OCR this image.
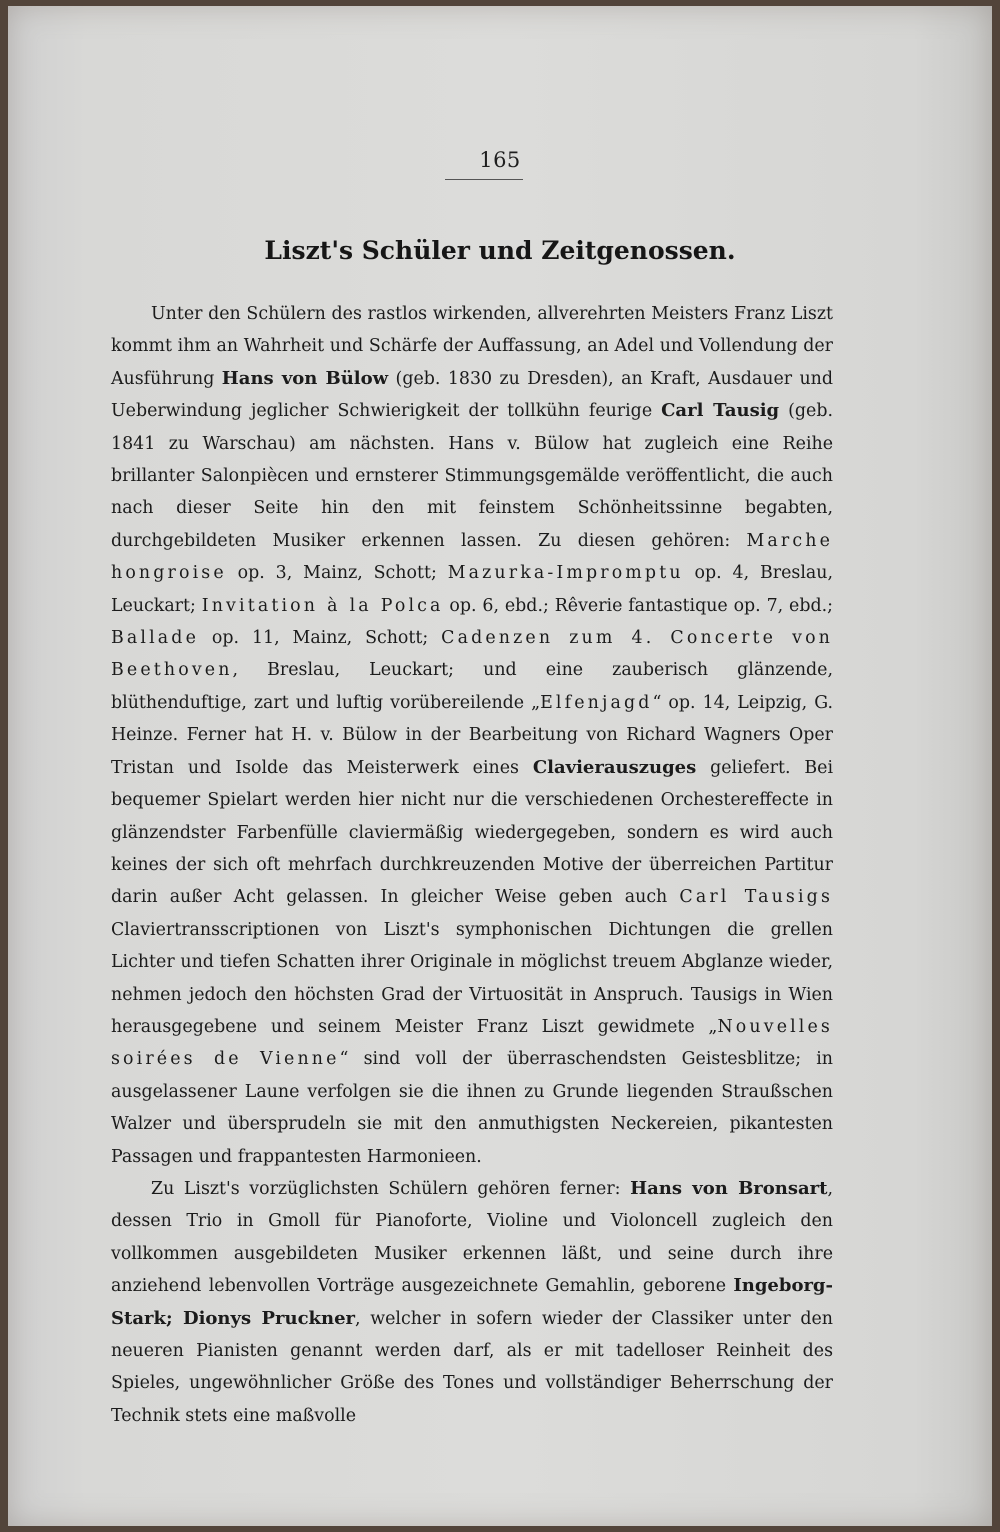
165

Liszt's Schüler und Zeitgenossen.

Unter den Schülern des rastlos wirkenden, allverehrten Meisters Franz Liszt kommt ihm an Wahrheit und Schärfe der Auffassung, an Adel und Vollendung der Ausführung Hans von Bülow (geb. 1830 zu Dresden), an Kraft, Ausdauer und Ueberwindung jeglicher Schwierigkeit der tollkühn feurige Carl Tausig (geb. 1841 zu Warschau) am nächsten. Hans v. Bülow hat zugleich eine Reihe brillanter Salonpiècen und ernsterer Stimmungsgemälde veröffentlicht, die auch nach dieser Seite hin den mit feinstem Schönheitssinne begabten, durchgebildeten Musiker erkennen lassen. Zu diesen gehören: Marche hongroise op. 3, Mainz, Schott; Mazurka-Impromptu op. 4, Breslau, Leuckart; Invitation à la Polca op. 6, ebd.; Rêverie fantastique op. 7, ebd.; Ballade op. 11, Mainz, Schott; Cadenzen zum 4. Concerte von Beethoven, Breslau, Leuckart; und eine zauberisch glänzende, blüthenduftige, zart und luftig vorübereilende „Elfenjagd“ op. 14, Leipzig, G. Heinze. Ferner hat H. v. Bülow in der Bearbeitung von Richard Wagners Oper Tristan und Isolde das Meisterwerk eines Clavierauszuges geliefert. Bei bequemer Spielart werden hier nicht nur die verschiedenen Orchestereffecte in glänzendster Farbenfülle claviermäßig wiedergegeben, sondern es wird auch keines der sich oft mehrfach durchkreuzenden Motive der überreichen Partitur darin außer Acht gelassen. In gleicher Weise geben auch Carl Tausigs Claviertransscriptionen von Liszt's symphonischen Dichtungen die grellen Lichter und tiefen Schatten ihrer Originale in möglichst treuem Abglanze wieder, nehmen jedoch den höchsten Grad der Virtuosität in Anspruch. Tausigs in Wien herausgegebene und seinem Meister Franz Liszt gewidmete „Nouvelles soirées de Vienne“ sind voll der überraschendsten Geistesblitze; in ausgelassener Laune verfolgen sie die ihnen zu Grunde liegenden Straußschen Walzer und übersprudeln sie mit den anmuthigsten Neckereien, pikantesten Passagen und frappantesten Harmonieen.

Zu Liszt's vorzüglichsten Schülern gehören ferner: Hans von Bronsart, dessen Trio in Gmoll für Pianoforte, Violine und Violoncell zugleich den vollkommen ausgebildeten Musiker erkennen läßt, und seine durch ihre anziehend lebenvollen Vorträge ausgezeichnete Gemahlin, geborene Ingeborg-Stark; Dionys Pruckner, welcher in sofern wieder der Classiker unter den neueren Pianisten genannt werden darf, als er mit tadelloser Reinheit des Spieles, ungewöhnlicher Größe des Tones und vollständiger Beherrschung der Technik stets eine maßvolle
